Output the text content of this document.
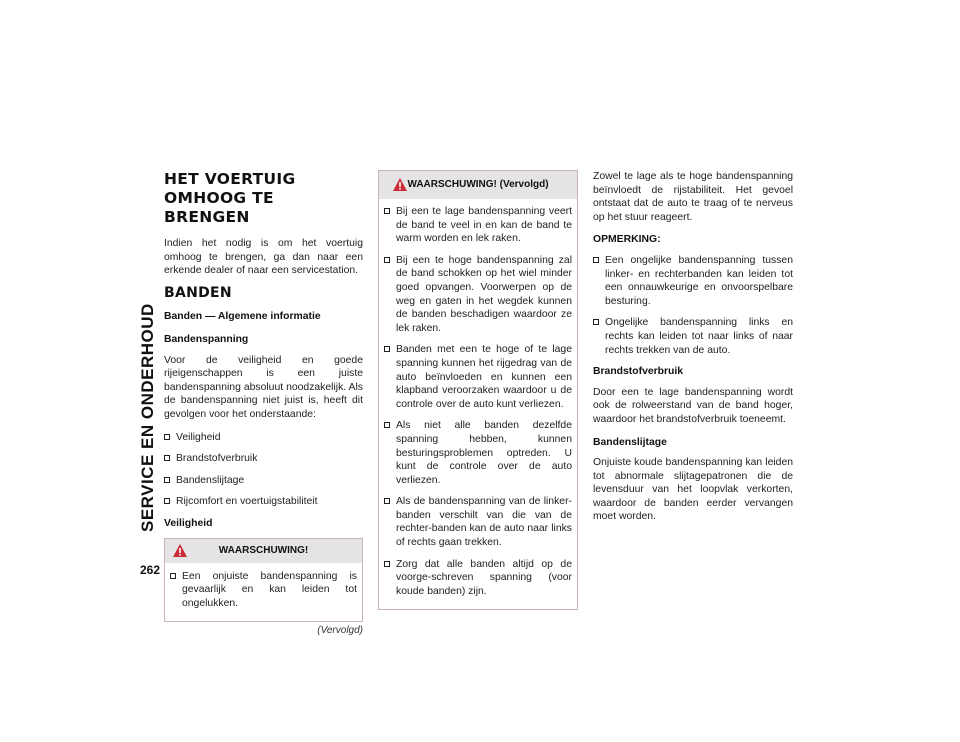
SERVICE EN ONDERHOUD
262
HET VOERTUIG OMHOOG TE BRENGEN

Indien het nodig is om het voertuig omhoog te brengen, ga dan naar een erkende dealer of naar een servicestation.

BANDEN
Banden — Algemene informatie
Bandenspanning

Voor de veiligheid en goede rijeigenschappen is een juiste bandenspanning absoluut noodzakelijk. Als de bandenspanning niet juist is, heeft dit gevolgen voor het onderstaande:

Veiligheid
Brandstofverbruik
Bandenslijtage
Rijcomfort en voertuigstabiliteit
Veiligheid
WAARSCHUWING!
Een onjuiste bandenspanning is gevaarlijk en kan leiden tot ongelukken.
(Vervolgd)
WAARSCHUWING! (Vervolgd)
Bij een te lage bandenspanning veert de band te veel in en kan de band te warm worden en lek raken.
Bij een te hoge bandenspanning zal de band schokken op het wiel minder goed opvangen. Voorwerpen op de weg en gaten in het wegdek kunnen de banden beschadigen waardoor ze lek raken.
Banden met een te hoge of te lage spanning kunnen het rijgedrag van de auto beïnvloeden en kunnen een klapband veroorzaken waardoor u de controle over de auto kunt verliezen.
Als niet alle banden dezelfde spanning hebben, kunnen besturingsproblemen optreden. U kunt de controle over de auto verliezen.
Als de bandenspanning van de linker-banden verschilt van die van de rechter-banden kan de auto naar links of rechts gaan trekken.
Zorg dat alle banden altijd op de voorge-schreven spanning (voor koude banden) zijn.

Zowel te lage als te hoge bandenspanning beïnvloedt de rijstabiliteit. Het gevoel ontstaat dat de auto te traag of te nerveus op het stuur reageert.

OPMERKING:
Een ongelijke bandenspanning tussen linker- en rechterbanden kan leiden tot een onnauwkeurige en onvoorspelbare besturing.
Ongelijke bandenspanning links en rechts kan leiden tot naar links of naar rechts trekken van de auto.
Brandstofverbruik

Door een te lage bandenspanning wordt ook de rolweerstand van de band hoger, waardoor het brandstofverbruik toeneemt.

Bandenslijtage

Onjuiste koude bandenspanning kan leiden tot abnormale slijtagepatronen die de levensduur van het loopvlak verkorten, waardoor de banden eerder vervangen moet worden.
